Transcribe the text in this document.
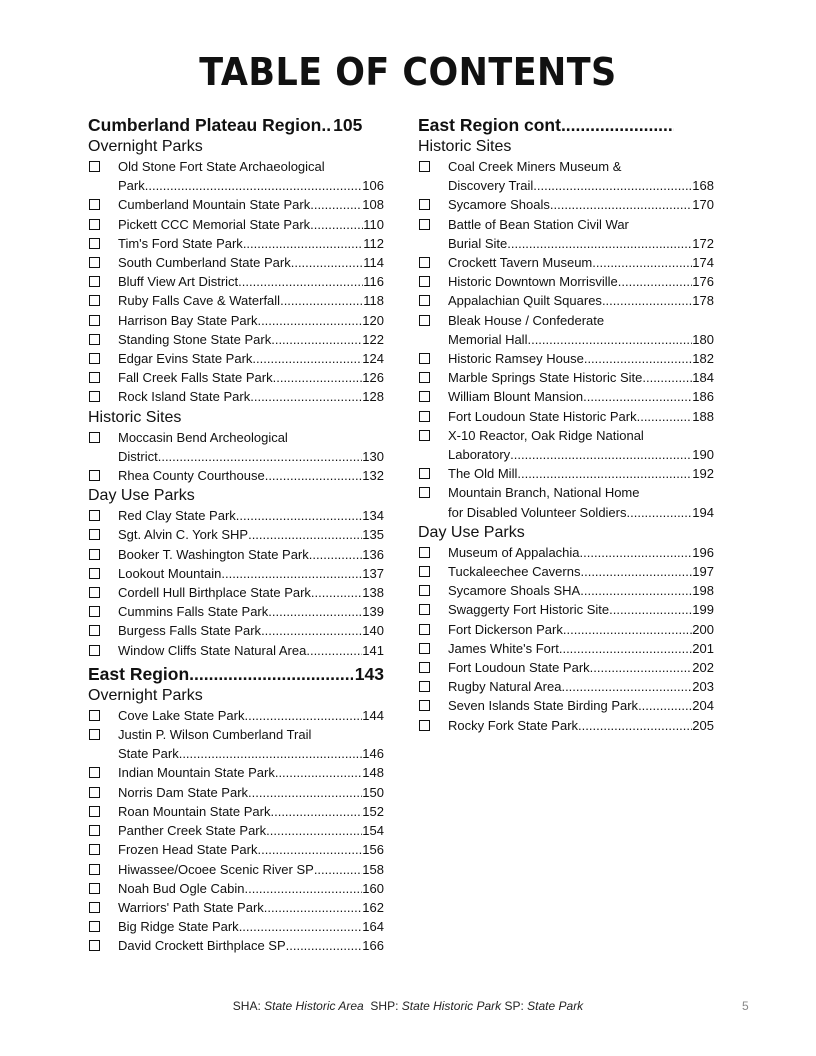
TABLE OF CONTENTS
Cumberland Plateau Region.. 105
Overnight Parks
Old Stone Fort State Archaeological
Park .....	106
Cumberland Mountain State Park .....	108
Pickett CCC Memorial State Park .....	110
Tim's Ford State Park .....	112
South Cumberland State Park .....	114
Bluff View Art District .....	116
Ruby Falls Cave & Waterfall .....	118
Harrison Bay State Park .....	120
Standing Stone State Park .....	122
Edgar Evins State Park .....	124
Fall Creek Falls State Park .....	126
Rock Island State Park .....	128
Historic Sites
Moccasin Bend Archeological
District .....	130
Rhea County Courthouse .....	132
Day Use Parks
Red Clay State Park .....	134
Sgt. Alvin C. York SHP .....	135
Booker T. Washington State Park .....	136
Lookout Mountain .....	137
Cordell Hull Birthplace State Park .....	138
Cummins Falls State Park .....	139
Burgess Falls State Park .....	140
Window Cliffs State Natural Area .....	141
East Region .....	143
Overnight Parks
Cove Lake State Park .....	144
Justin P. Wilson Cumberland Trail
State Park .....	146
Indian Mountain State Park .....	148
Norris Dam State Park .....	150
Roan Mountain State Park .....	152
Panther Creek State Park .....	154
Frozen Head State Park .....	156
Hiwassee/Ocoee Scenic River SP .....	158
Noah Bud Ogle Cabin .....	160
Warriors' Path State Park .....	162
Big Ridge State Park .....	164
David Crockett Birthplace SP .....	166
East Region cont
.....
Historic Sites
Coal Creek Miners Museum &
Discovery Trail .....	168
Sycamore Shoals .....	170
Battle of Bean Station Civil War
Burial Site .....	172
Crockett Tavern Museum .....	174
Historic Downtown Morrisville .....	176
Appalachian Quilt Squares .....	178
Bleak House / Confederate
Memorial Hall .....	180
Historic Ramsey House .....	182
Marble Springs State Historic Site .....	184
William Blount Mansion .....	186
Fort Loudoun State Historic Park .....	188
X-10 Reactor, Oak Ridge National
Laboratory .....	190
The Old Mill .....	192
Mountain Branch, National Home
for Disabled Volunteer Soldiers .....	194
Day Use Parks
Museum of Appalachia .....	196
Tuckaleechee Caverns .....	197
Sycamore Shoals SHA .....	198
Swaggerty Fort Historic Site .....	199
Fort Dickerson Park .....	200
James White's Fort .....	201
Fort Loudoun State Park .....	202
Rugby Natural Area .....	203
Seven Islands State Birding Park .....	204
Rocky Fork State Park .....	205
SHA: State Historic Area SHP: State Historic Park SP: State Park	5
